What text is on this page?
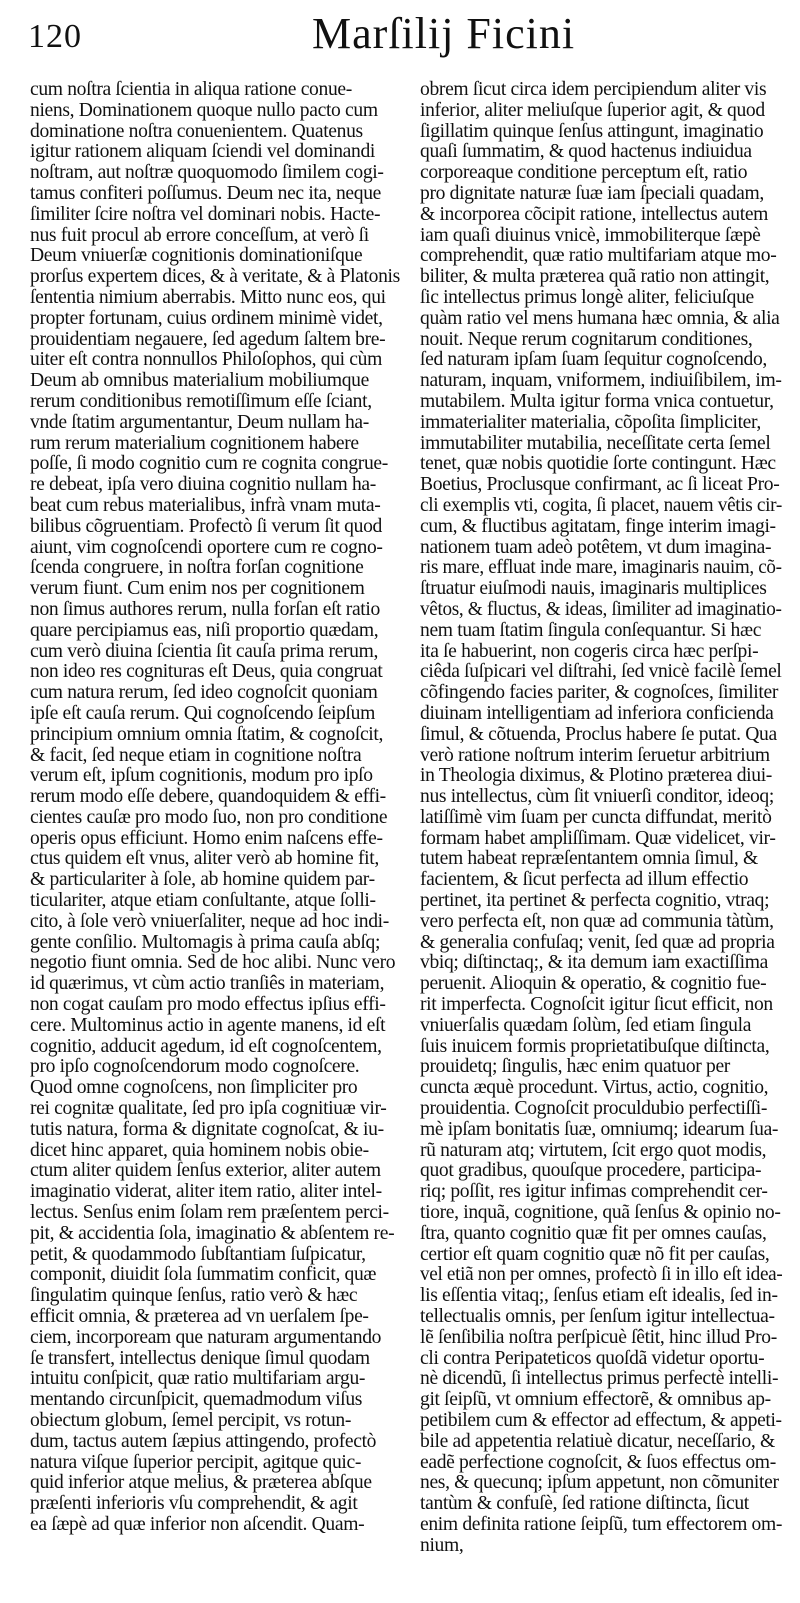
120	Marſilij Ficini
cum noſtra ſcientia in aliqua ratione conue-
niens, Dominationem quoque nullo pacto cum
dominatione noſtra conuenientem. Quatenus
igitur rationem aliquam ſciendi vel dominandi
noſtram, aut noſtræ quoquomodo ſimilem cogi-
tamus confiteri poſſumus. Deum nec ita, neque
ſimiliter ſcire noſtra vel dominari nobis. Hacte-
nus fuit procul ab errore conceſſum, at verò ſi
Deum vniuerſæ cognitionis dominationiſque
prorſus expertem dices, & à veritate, & à Platonis
ſententia nimium aberrabis. Mitto nunc eos, qui
propter fortunam, cuius ordinem minimè videt,
prouidentiam negauere, ſed agedum ſaltem bre-
uiter eſt contra nonnullos Philoſophos, qui cùm
Deum ab omnibus materialium mobiliumque
rerum conditionibus remotiſſimum eſſe ſciant,
vnde ſtatim argumentantur, Deum nullam ha-
rum rerum materialium cognitionem habere
poſſe, ſi modo cognitio cum re cognita congrue-
re debeat, ipſa vero diuina cognitio nullam ha-
beat cum rebus materialibus, infrà vnam muta-
bilibus cõgruentiam. Profectò ſi verum ſit quod
aiunt, vim cognoſcendi oportere cum re cogno-
ſcenda congruere, in noſtra forſan cognitione
verum fiunt. Cum enim nos per cognitionem
non ſimus authores rerum, nulla forſan eſt ratio
quare percipiamus eas, niſi proportio quædam,
cum verò diuina ſcientia ſit cauſa prima rerum,
non ideo res cognituras eſt Deus, quia congruat
cum natura rerum, ſed ideo cognoſcit quoniam
ipſe eſt cauſa rerum. Qui cognoſcendo ſeipſum
principium omnium omnia ſtatim, & cognoſcit,
& facit, ſed neque etiam in cognitione noſtra
verum eſt, ipſum cognitionis, modum pro ipſo
rerum modo eſſe debere, quandoquidem & effi-
cientes cauſæ pro modo ſuo, non pro conditione
operis opus efficiunt. Homo enim naſcens effe-
ctus quidem eſt vnus, aliter verò ab homine fit,
& particulariter à ſole, ab homine quidem par-
ticulariter, atque etiam conſultante, atque ſolli-
cito, à ſole verò vniuerſaliter, neque ad hoc indi-
gente conſilio. Multomagis à prima cauſa abſq;
negotio fiunt omnia. Sed de hoc alibi. Nunc vero
id quærimus, vt cùm actio tranſiês in materiam,
non cogat cauſam pro modo effectus ipſius effi-
cere. Multominus actio in agente manens, id eſt
cognitio, adducit agedum, id eſt cognoſcentem,
pro ipſo cognoſcendorum modo cognoſcere.
Quod omne cognoſcens, non ſimpliciter pro
rei cognitæ qualitate, ſed pro ipſa cognitiuæ vir-
tutis natura, forma & dignitate cognoſcat, & iu-
dicet hinc apparet, quia hominem nobis obie-
ctum aliter quidem ſenſus exterior, aliter autem
imaginatio viderat, aliter item ratio, aliter intel-
lectus. Senſus enim ſolam rem præſentem perci-
pit, & accidentia ſola, imaginatio & abſentem re-
petit, & quodammodo ſubſtantiam ſuſpicatur,
componit, diuidit ſola ſummatim conficit, quæ
ſingulatim quinque ſenſus, ratio verò & hæc
efficit omnia, & præterea ad vn uerſalem ſpe-
ciem, incorpoream que naturam argumentando
ſe transfert, intellectus denique ſimul quodam
intuitu conſpicit, quæ ratio multifariam argu-
mentando circunſpicit, quemadmodum viſus
obiectum globum, ſemel percipit, vs rotun-
dum, tactus autem ſæpius attingendo, profectò
natura viſque ſuperior percipit, agitque quic-
quid inferior atque melius, & præterea abſque
præſenti inferioris vſu comprehendit, & agit
ea ſæpè ad quæ inferior non aſcendit. Quam-
obrem ſicut circa idem percipiendum aliter vis
inferior, aliter meliuſque ſuperior agit, & quod
ſigillatim quinque ſenſus attingunt, imaginatio
quaſi ſummatim, & quod hactenus indiuidua
corporeaque conditione perceptum eſt, ratio
pro dignitate naturæ ſuæ iam ſpeciali quadam,
& incorporea cõcipit ratione, intellectus autem
iam quaſi diuinus vnicè, immobiliterque ſæpè
comprehendit, quæ ratio multifariam atque mo-
biliter, & multa præterea quã ratio non attingit,
ſic intellectus primus longè aliter, feliciuſque
quàm ratio vel mens humana hæc omnia, & alia
nouit. Neque rerum cognitarum conditiones,
ſed naturam ipſam ſuam ſequitur cognoſcendo,
naturam, inquam, vniformem, indiuiſibilem, im-
mutabilem. Multa igitur forma vnica contuetur,
immaterialiter materialia, cõpoſita ſimpliciter,
immutabiliter mutabilia, neceſſitate certa ſemel
tenet, quæ nobis quotidie ſorte contingunt. Hæc
Boetius, Proclusque confirmant, ac ſi liceat Pro-
cli exemplis vti, cogita, ſi placet, nauem vêtis cir-
cum, & fluctibus agitatam, finge interim imagi-
nationem tuam adeò potêtem, vt dum imagina-
ris mare, effluat inde mare, imaginaris nauim, cõ-
ſtruatur eiuſmodi nauis, imaginaris multiplices
vêtos, & fluctus, & ideas, ſimiliter ad imaginatio-
nem tuam ſtatim ſingula conſequantur. Si hæc
ita ſe habuerint, non cogeris circa hæc perſpi-
ciêda ſuſpicari vel diſtrahi, ſed vnicè facilè ſemel
cõfingendo facies pariter, & cognoſces, ſimiliter
diuinam intelligentiam ad inferiora conficienda
ſimul, & cõtuenda, Proclus habere ſe putat. Qua
verò ratione noſtrum interim ſeruetur arbitrium
in Theologia diximus, & Plotino præterea diui-
nus intellectus, cùm ſit vniuerſi conditor, ideoq;
latiſſimè vim ſuam per cuncta diffundat, meritò
formam habet ampliſſimam. Quæ videlicet, vir-
tutem habeat repræſentantem omnia ſimul, &
facientem, & ſicut perfecta ad illum effectio
pertinet, ita pertinet & perfecta cognitio, vtraq;
vero perfecta eſt, non quæ ad communia tàtùm,
& generalia confuſaq; venit, ſed quæ ad propria
vbiq; diſtinctaq;, & ita demum iam exactiſſima
peruenit. Alioquin & operatio, & cognitio fue-
rit imperfecta. Cognoſcit igitur ſicut efficit, non
vniuerſalis quædam ſolùm, ſed etiam ſingula
ſuis inuicem formis proprietatibuſque diſtincta,
prouidetq; ſingulis, hæc enim quatuor per
cuncta æquè procedunt. Virtus, actio, cognitio,
prouidentia. Cognoſcit proculdubio perfectiſſi-
mè ipſam bonitatis ſuæ, omniumq; idearum ſua-
rũ naturam atq; virtutem, ſcit ergo quot modis,
quot gradibus, quouſque procedere, participa-
riq; poſſit, res igitur infimas comprehendit cer-
tiore, inquã, cognitione, quã ſenſus & opinio no-
ſtra, quanto cognitio quæ fit per omnes cauſas,
certior eſt quam cognitio quæ nõ fit per cauſas,
vel etiã non per omnes, profectò ſi in illo eſt idea-
lis eſſentia vitaq;, ſenſus etiam eſt idealis, ſed in-
tellectualis omnis, per ſenſum igitur intellectua-
lẽ ſenſibilia noſtra perſpicuè ſêtit, hinc illud Pro-
cli contra Peripateticos quoſdã videtur oportu-
nè dicendũ, ſi intellectus primus perfectè intelli-
git ſeipſũ, vt omnium effectorẽ, & omnibus ap-
petibilem cum & effector ad effectum, & appeti-
bile ad appetentia relatiuè dicatur, neceſſario, &
eadẽ perfectione cognoſcit, & ſuos effectus om-
nes, & quecunq; ipſum appetunt, non cõmuniter
tantùm & confuſè, ſed ratione diſtincta, ſicut
enim definita ratione ſeipſũ, tum effectorem om-
nium,
